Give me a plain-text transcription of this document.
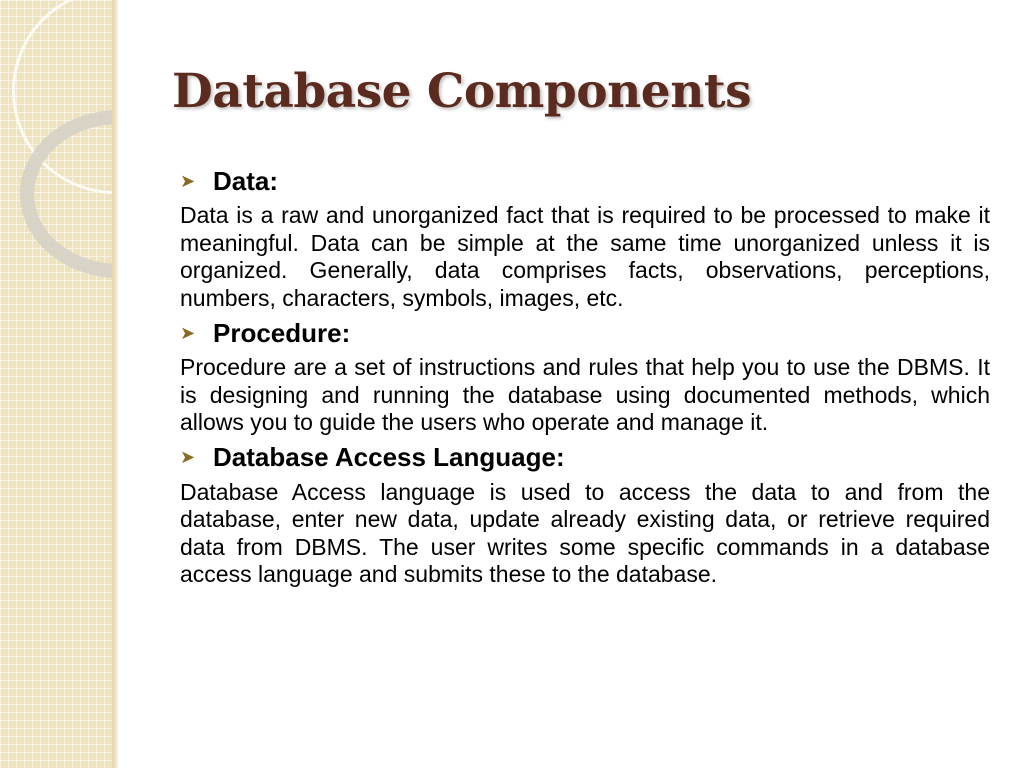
Database Components
➤ Data:

Data is a raw and unorganized fact that is required to be processed to make it meaningful. Data can be simple at the same time unorganized unless it is organized. Generally, data comprises facts, observations, perceptions, numbers, characters, symbols, images, etc.

➤ Procedure:

Procedure are a set of instructions and rules that help you to use the DBMS. It is designing and running the database using documented methods, which allows you to guide the users who operate and manage it.

➤ Database Access Language:

Database Access language is used to access the data to and from the database, enter new data, update already existing data, or retrieve required data from DBMS. The user writes some specific commands in a database access language and submits these to the database.
